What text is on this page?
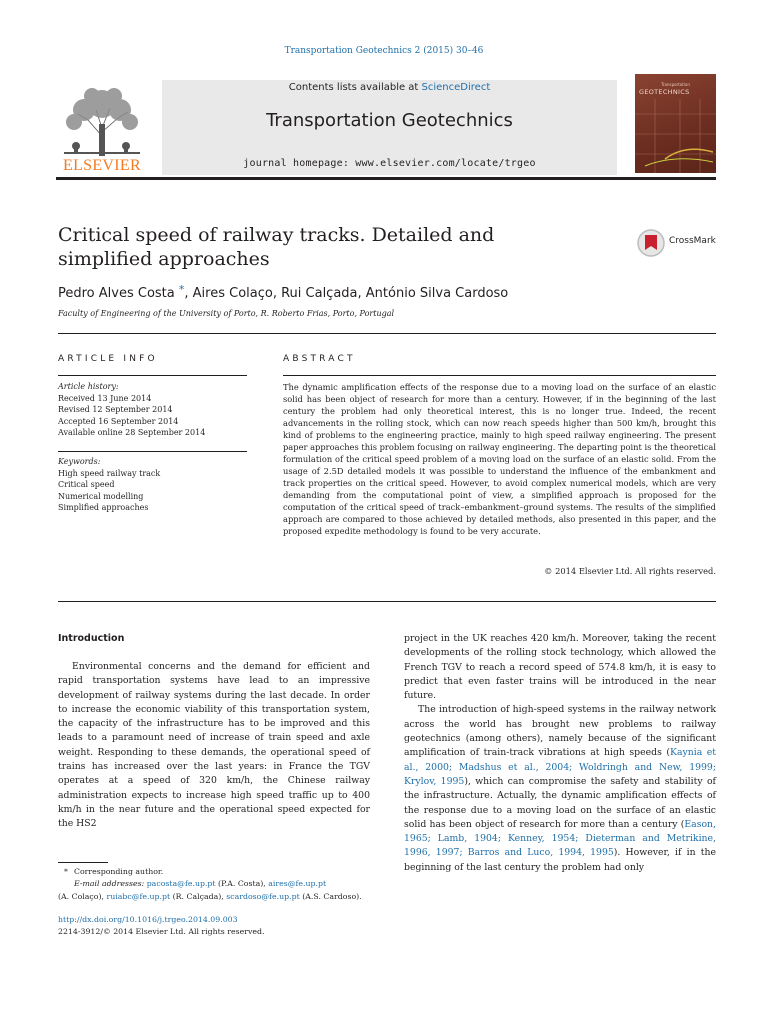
Transportation Geotechnics 2 (2015) 30–46
ELSEVIER
Contents lists available at ScienceDirect
Transportation Geotechnics
journal homepage: www.elsevier.com/locate/trgeo
Transportation
GEOTECHNICS
Critical speed of railway tracks. Detailed and simplified approaches
CrossMark
Pedro Alves Costa *, Aires Colaço, Rui Calçada, António Silva Cardoso
Faculty of Engineering of the University of Porto, R. Roberto Frias, Porto, Portugal
ARTICLE INFO	ABSTRACT
Article history:
Received 13 June 2014
Revised 12 September 2014
Accepted 16 September 2014
Available online 28 September 2014
Keywords:
High speed railway track
Critical speed
Numerical modelling
Simplified approaches
The dynamic amplification effects of the response due to a moving load on the surface of an elastic solid has been object of research for more than a century. However, if in the beginning of the last century the problem had only theoretical interest, this is no longer true. Indeed, the recent advancements in the rolling stock, which can now reach speeds higher than 500 km/h, brought this kind of problems to the engineering practice, mainly to high speed railway engineering. The present paper approaches this problem focusing on railway engineering. The departing point is the theoretical formulation of the critical speed problem of a moving load on the surface of an elastic solid. From the usage of 2.5D detailed models it was possible to understand the influence of the embankment and track properties on the critical speed. However, to avoid complex numerical models, which are very demanding from the computational point of view, a simplified approach is proposed for the computation of the critical speed of track–embankment–ground systems. The results of the simplified approach are compared to those achieved by detailed methods, also presented in this paper, and the proposed expedite methodology is found to be very accurate.
© 2014 Elsevier Ltd. All rights reserved.
Introduction

Environmental concerns and the demand for efficient and rapid transportation systems have lead to an impressive development of railway systems during the last decade. In order to increase the economic viability of this transportation system, the capacity of the infrastructure has to be improved and this leads to a paramount need of increase of train speed and axle weight. Responding to these demands, the operational speed of trains has increased over the last years: in France the TGV operates at a speed of 320 km/h, the Chinese railway administration expects to increase high speed traffic up to 400 km/h in the near future and the operational speed expected for the HS2

project in the UK reaches 420 km/h. Moreover, taking the recent developments of the rolling stock technology, which allowed the French TGV to reach a record speed of 574.8 km/h, it is easy to predict that even faster trains will be introduced in the near future.

The introduction of high-speed systems in the railway network across the world has brought new problems to railway geotechnics (among others), namely because of the significant amplification of train-track vibrations at high speeds (Kaynia et al., 2000; Madshus et al., 2004; Woldringh and New, 1999; Krylov, 1995), which can compromise the safety and stability of the infrastructure. Actually, the dynamic amplification effects of the response due to a moving load on the surface of an elastic solid has been object of research for more than a century (Eason, 1965; Lamb, 1904; Kenney, 1954; Dieterman and Metrikine, 1996, 1997; Barros and Luco, 1994, 1995). However, if in the beginning of the last century the problem had only

* Corresponding author.
E-mail addresses: pacosta@fe.up.pt (P.A. Costa), aires@fe.up.pt
(A. Colaço), ruiabc@fe.up.pt (R. Calçada), scardoso@fe.up.pt (A.S. Cardoso).
http://dx.doi.org/10.1016/j.trgeo.2014.09.003
2214-3912/© 2014 Elsevier Ltd. All rights reserved.
